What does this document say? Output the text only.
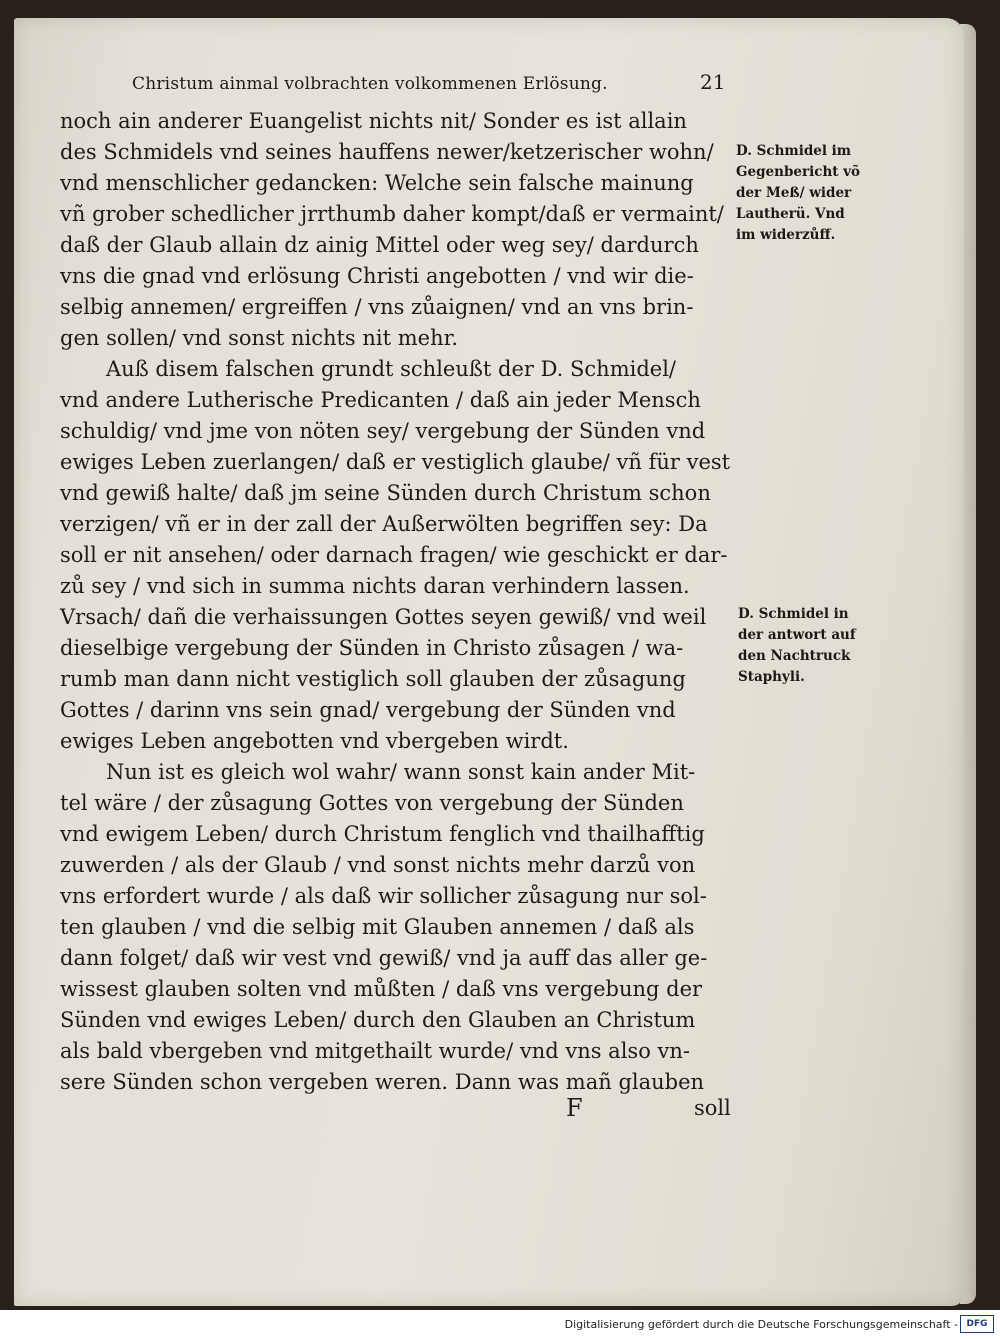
Christum ainmal volbrachten volkommenen Erlösung.	21
noch ain anderer Euangelist nichts nit/ Sonder es ist allain
des Schmidels vnd seines hauffens newer/ketzerischer wohn/
vnd menschlicher gedancken: Welche sein falsche mainung
vñ grober schedlicher jrrthumb daher kompt/daß er vermaint/
daß der Glaub allain dz ainig Mittel oder weg sey/ dardurch
vns die gnad vnd erlösung Christi angebotten / vnd wir die-
selbig annemen/ ergreiffen / vns zůaignen/ vnd an vns brin-
gen sollen/ vnd sonst nichts nit mehr.
Auß disem falschen grundt schleußt der D. Schmidel/
vnd andere Lutherische Predicanten / daß ain jeder Mensch
schuldig/ vnd jme von nöten sey/ vergebung der Sünden vnd
ewiges Leben zuerlangen/ daß er vestiglich glaube/ vñ für vest
vnd gewiß halte/ daß jm seine Sünden durch Christum schon
verzigen/ vñ er in der zall der Außerwölten begriffen sey: Da
soll er nit ansehen/ oder darnach fragen/ wie geschickt er dar-
zů sey / vnd sich in summa nichts daran verhindern lassen.
Vrsach/ dañ die verhaissungen Gottes seyen gewiß/ vnd weil
dieselbige vergebung der Sünden in Christo zůsagen / wa-
rumb man dann nicht vestiglich soll glauben der zůsagung
Gottes / darinn vns sein gnad/ vergebung der Sünden vnd
ewiges Leben angebotten vnd vbergeben wirdt.
Nun ist es gleich wol wahr/ wann sonst kain ander Mit-
tel wäre / der zůsagung Gottes von vergebung der Sünden
vnd ewigem Leben/ durch Christum fenglich vnd thailhafftig
zuwerden / als der Glaub / vnd sonst nichts mehr darzů von
vns erfordert wurde / als daß wir sollicher zůsagung nur sol-
ten glauben / vnd die selbig mit Glauben annemen / daß als
dann folget/ daß wir vest vnd gewiß/ vnd ja auff das aller ge-
wissest glauben solten vnd můßten / daß vns vergebung der
Sünden vnd ewiges Leben/ durch den Glauben an Christum
als bald vbergeben vnd mitgethailt wurde/ vnd vns also vn-
sere Sünden schon vergeben weren. Dann was mañ glauben
D. Schmidel im
Gegenbericht võ
der Meß/ wider
Lautherü. Vnd
im widerzůff.
D. Schmidel in
der antwort auf
den Nachtruck
Staphyli.
F	soll
Digitalisierung gefördert durch die Deutsche Forschungsgemeinschaft - DFG
